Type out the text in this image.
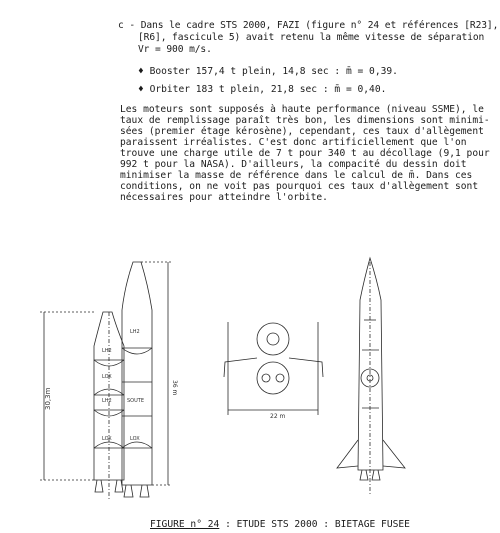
c - Dans le cadre STS 2000, FAZI (figure n° 24 et références [R23],
[R6], fascicule 5) avait retenu la même vitesse de séparation
Vr = 900 m/s.
♦ Booster 157,4 t plein, 14,8 sec : m̄ = 0,39.
♦ Orbiter 183 t plein, 21,8 sec : m̄ = 0,40.
Les moteurs sont supposés à haute performance (niveau SSME), le
taux de remplissage paraît très bon, les dimensions sont minimi-
sées (premier étage kérosène), cependant, ces taux d'allègement
paraissent irréalistes. C'est donc artificiellement que l'on
trouve une charge utile de 7 t pour 340 t au décollage (9,1 pour
992 t pour la NASA). D'ailleurs, la compacité du dessin doit
minimiser la masse de référence dans le calcul de m̄. Dans ces
conditions, on ne voit pas pourquoi ces taux d'allègement sont
nécessaires pour atteindre l'orbite.
30,3m
LH2
LOX
LH2
LOX
LH2
SOUTE
LOX
36 m
22 m
FIGURE n° 24 : ETUDE STS 2000 : BIETAGE FUSEE
